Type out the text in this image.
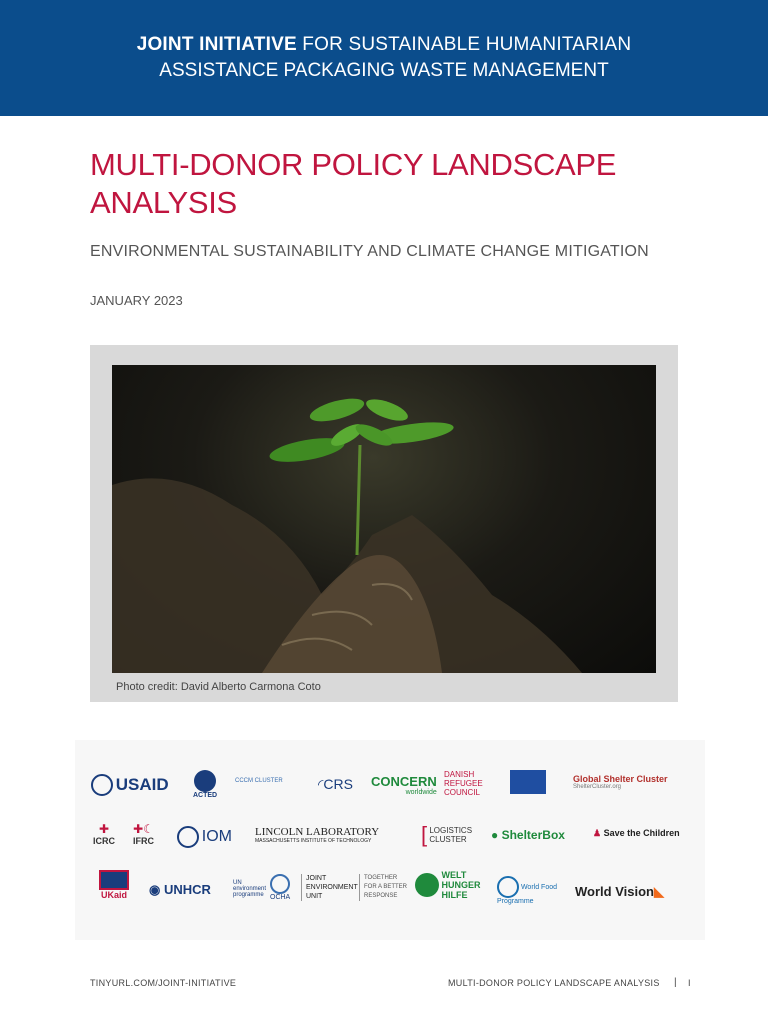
JOINT INITIATIVE FOR SUSTAINABLE HUMANITARIAN
ASSISTANCE PACKAGING WASTE MANAGEMENT
MULTI-DONOR POLICY LANDSCAPE ANALYSIS
ENVIRONMENTAL SUSTAINABILITY AND CLIMATE CHANGE MITIGATION
JANUARY 2023
Photo credit: David Alberto Carmona Coto
USAID
ACTED
CCCM CLUSTER	◜CRS CONCERN
worldwide
DANISH
REFUGEE
COUNCIL
Global Shelter Cluster
ShelterCluster.org
✚
ICRC
✚☾
IFRC	IOM LINCOLN LABORATORY
MASSACHUSETTS INSTITUTE OF TECHNOLOGY	[ LOGISTICS
CLUSTER	● ShelterBox	♟ Save the Children
UKaid ◉ UNHCR	UN environment programme OCHA
JOINT
ENVIRONMENT
UNIT
TOGETHER
FOR A BETTER
RESPONSE
WELT
HUNGER
HILFE
World Food Programme
World Vision◣
TINYURL.COM/JOINT-INITIATIVE	MULTI-DONOR POLICY LANDSCAPE ANALYSIS | I
